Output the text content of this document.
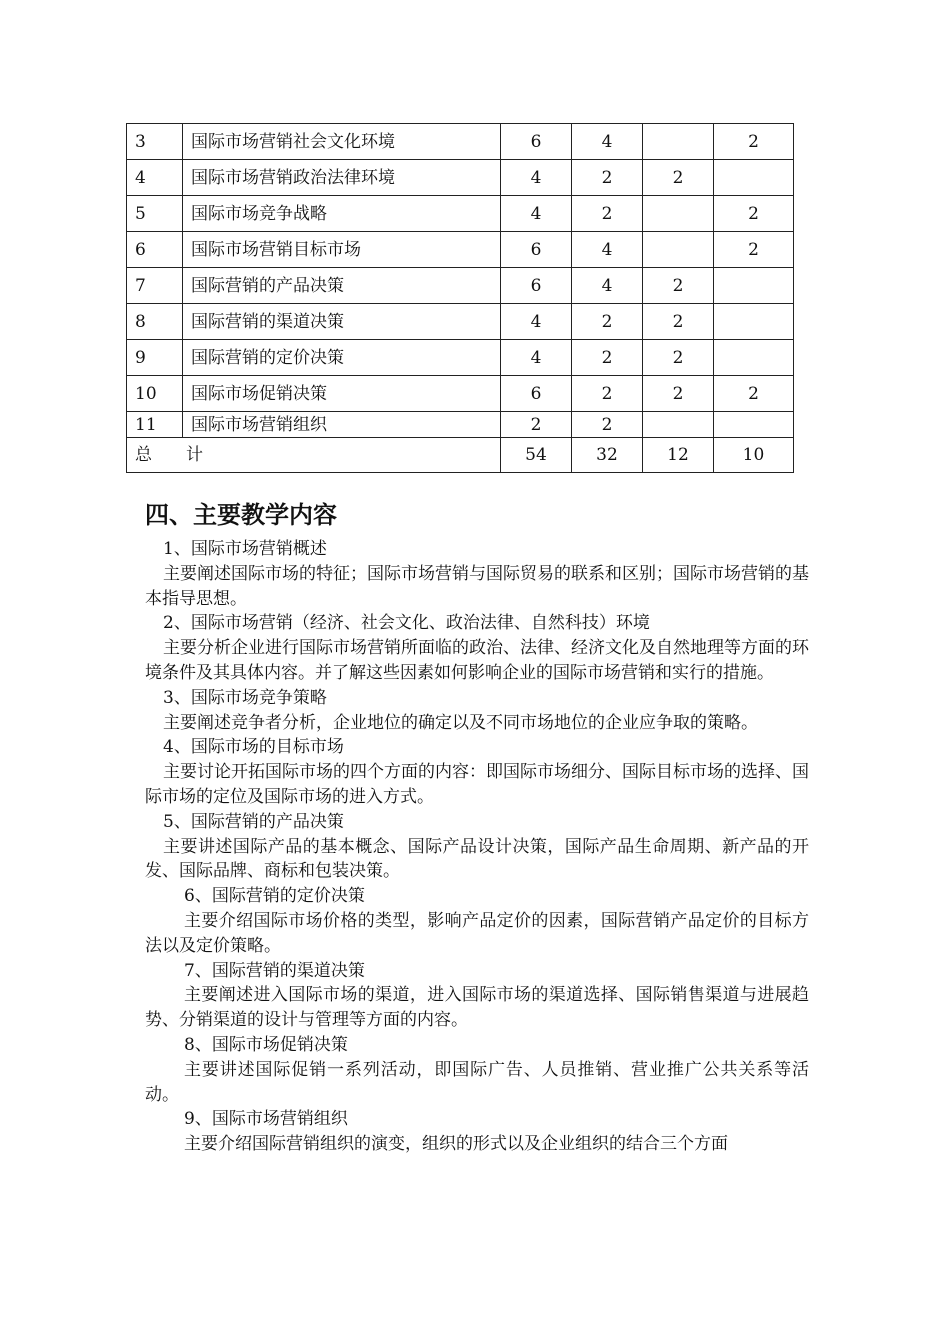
3	国际市场营销社会文化环境	6	4		2
4	国际市场营销政治法律环境	4	2	2	
5	国际市场竞争战略	4	2		2
6	国际市场营销目标市场	6	4		2
7	国际营销的产品决策	6	4	2	
8	国际营销的渠道决策	4	2	2	
9	国际营销的定价决策	4	2	2	
10	国际市场促销决策	6	2	2	2
11	国际市场营销组织	2	2		
总　　计		54	32	12	10
四、主要教学内容

1、国际市场营销概述

主要阐述国际市场的特征；国际市场营销与国际贸易的联系和区别；国际市场营销的基本指导思想。

2、国际市场营销（经济、社会文化、政治法律、自然科技）环境

主要分析企业进行国际市场营销所面临的政治、法律、经济文化及自然地理等方面的环境条件及其具体内容。并了解这些因素如何影响企业的国际市场营销和实行的措施。

3、国际市场竞争策略

主要阐述竞争者分析，企业地位的确定以及不同市场地位的企业应争取的策略。

4、国际市场的目标市场

主要讨论开拓国际市场的四个方面的内容：即国际市场细分、国际目标市场的选择、国际市场的定位及国际市场的进入方式。

5、国际营销的产品决策

主要讲述国际产品的基本概念、国际产品设计决策，国际产品生命周期、新产品的开发、国际品牌、商标和包装决策。

6、国际营销的定价决策

主要介绍国际市场价格的类型，影响产品定价的因素，国际营销产品定价的目标方法以及定价策略。

7、国际营销的渠道决策

主要阐述进入国际市场的渠道，进入国际市场的渠道选择、国际销售渠道与进展趋势、分销渠道的设计与管理等方面的内容。

8、国际市场促销决策

主要讲述国际促销一系列活动，即国际广告、人员推销、营业推广公共关系等活动。

9、国际市场营销组织

主要介绍国际营销组织的演变，组织的形式以及企业组织的结合三个方面
